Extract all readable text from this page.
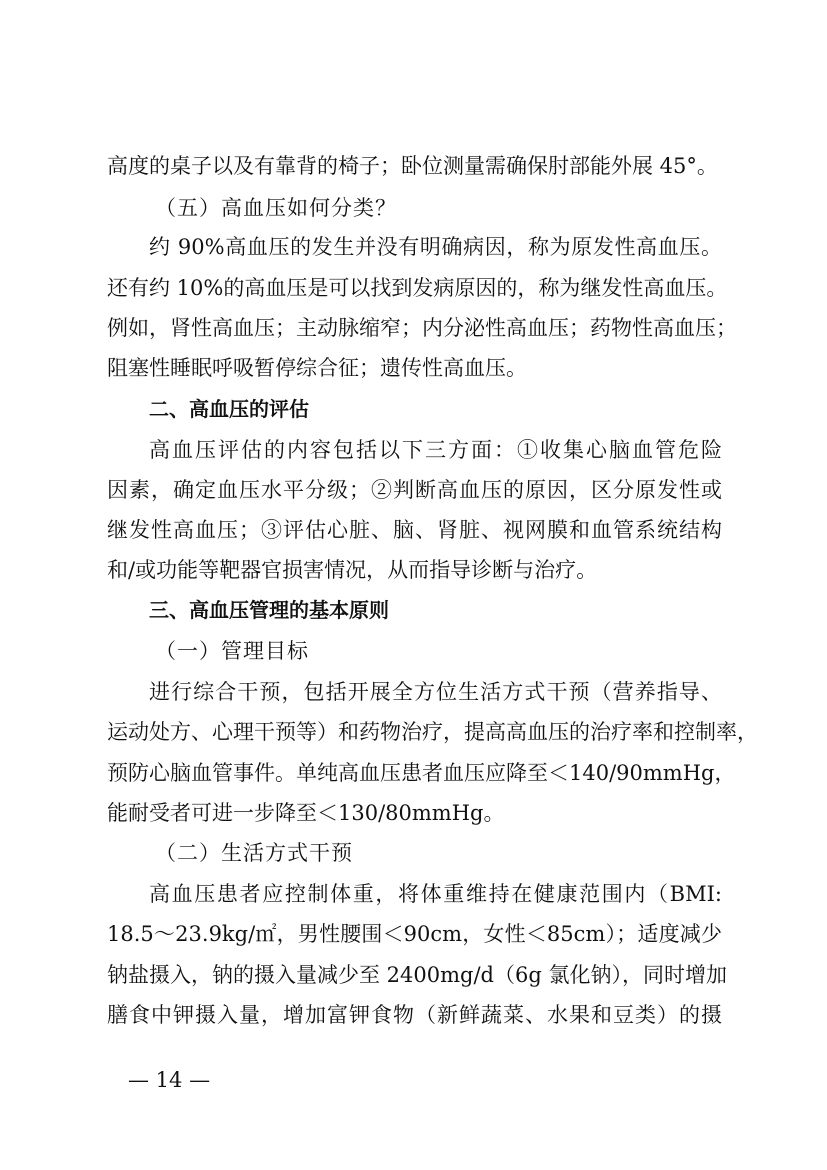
高度的桌子以及有靠背的椅子；卧位测量需确保肘部能外展 45°。
（五）高血压如何分类？
约 90%高血压的发生并没有明确病因，称为原发性高血压。
还有约 10%的高血压是可以找到发病原因的，称为继发性高血压。
例如，肾性高血压；主动脉缩窄；内分泌性高血压；药物性高血压；
阻塞性睡眠呼吸暂停综合征；遗传性高血压。
二、高血压的评估
高血压评估的内容包括以下三方面：①收集心脑血管危险
因素，确定血压水平分级；②判断高血压的原因，区分原发性或
继发性高血压；③评估心脏、脑、肾脏、视网膜和血管系统结构
和/或功能等靶器官损害情况，从而指导诊断与治疗。
三、高血压管理的基本原则
（一）管理目标
进行综合干预，包括开展全方位生活方式干预（营养指导、
运动处方、心理干预等）和药物治疗，提高高血压的治疗率和控制率，
预防心脑血管事件。单纯高血压患者血压应降至＜140/90mmHg，
能耐受者可进一步降至＜130/80mmHg。
（二）生活方式干预
高血压患者应控制体重，将体重维持在健康范围内（BMI:
18.5～23.9kg/㎡，男性腰围＜90cm，女性＜85cm）；适度减少
钠盐摄入，钠的摄入量减少至 2400mg/d（6g 氯化钠），同时增加
膳食中钾摄入量，增加富钾食物（新鲜蔬菜、水果和豆类）的摄
— 14 —
